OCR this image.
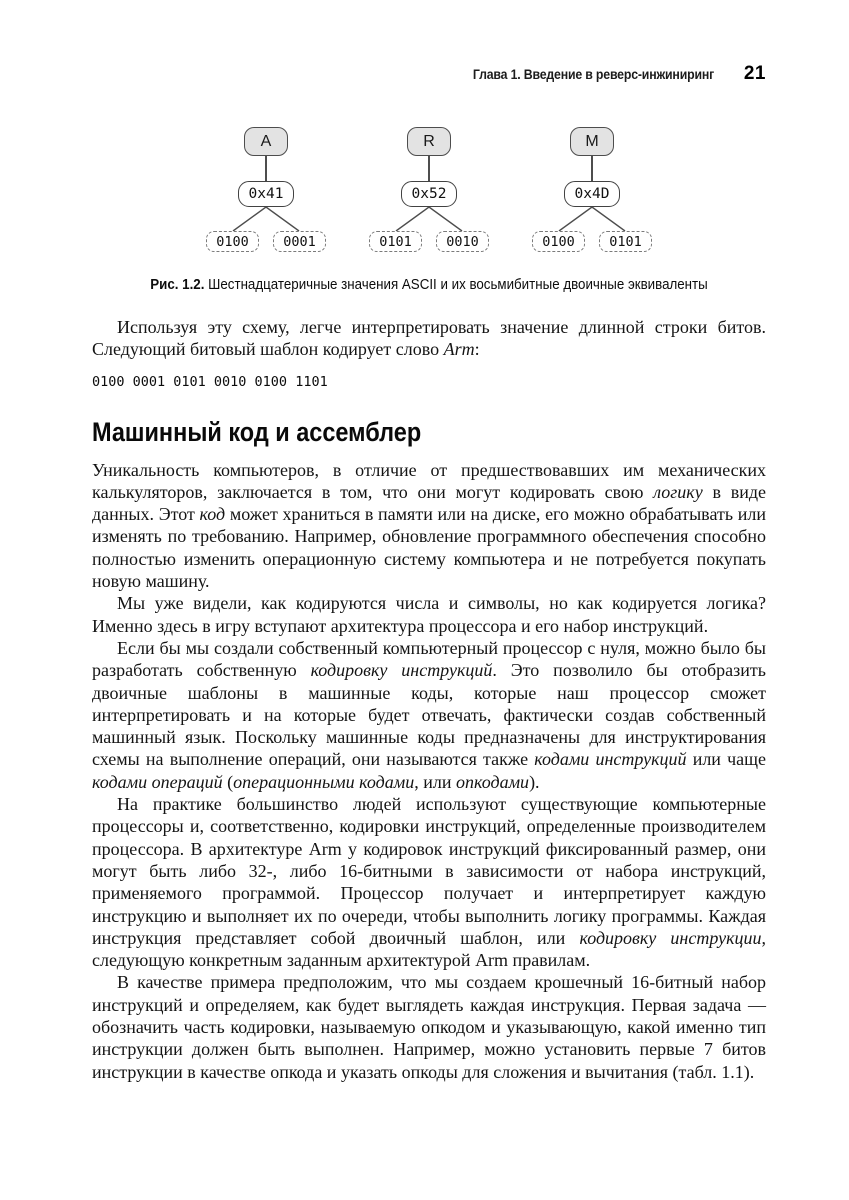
Глава 1. Введение в реверс-инжиниринг 21
A
0x41
0100	0001
R
0x52
0101	0010
M
0x4D
0100	0101
Рис. 1.2. Шестнадцатеричные значения ASCII и их восьмибитные двоичные эквиваленты

Используя эту схему, легче интерпретировать значение длинной строки битов. Следующий битовый шаблон кодирует слово Arm:

0100 0001 0101 0010 0100 1101
Машинный код и ассемблер

Уникальность компьютеров, в отличие от предшествовавших им механических калькуляторов, заключается в том, что они могут кодировать свою логику в виде данных. Этот код может храниться в памяти или на диске, его можно обрабатывать или изменять по требованию. Например, обновление программного обеспечения способно полностью изменить операционную систему компьютера и не потребуется покупать новую машину.

Мы уже видели, как кодируются числа и символы, но как кодируется логика? Именно здесь в игру вступают архитектура процессора и его набор инструкций.

Если бы мы создали собственный компьютерный процессор с нуля, можно было бы разработать собственную кодировку инструкций. Это позволило бы отобразить двоичные шаблоны в машинные коды, которые наш процессор сможет интерпретировать и на которые будет отвечать, фактически создав собственный машинный язык. Поскольку машинные коды предназначены для инструктирования схемы на выполнение операций, они называются также кодами инструкций или чаще кодами операций (операционными кодами, или опкодами).

На практике большинство людей используют существующие компьютерные процессоры и, соответственно, кодировки инструкций, определенные производителем процессора. В архитектуре Arm у кодировок инструкций фиксированный размер, они могут быть либо 32-, либо 16-битными в зависимости от набора инструкций, применяемого программой. Процессор получает и интерпретирует каждую инструкцию и выполняет их по очереди, чтобы выполнить логику программы. Каждая инструкция представляет собой двоичный шаблон, или кодировку инструкции, следующую конкретным заданным архитектурой Arm правилам.

В качестве примера предположим, что мы создаем крошечный 16-битный набор инструкций и определяем, как будет выглядеть каждая инструкция. Первая задача — обозначить часть кодировки, называемую опкодом и указывающую, какой именно тип инструкции должен быть выполнен. Например, можно установить первые 7 битов инструкции в качестве опкода и указать опкоды для сложения и вычитания (табл. 1.1).
